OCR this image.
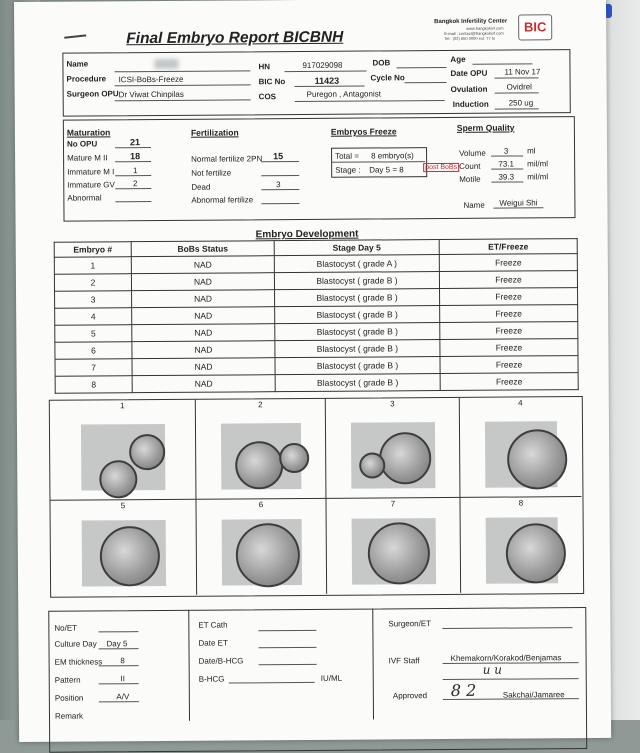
Final Embryo Report BICBNH
Bangkok Infertility Center
www.bangkokivf.com
E-mail : contact@bangkokivf.com
Tel : (02) 650 0000 ext. 77 to
BIC
Name	HN	917029098	DOB	Age
Procedure ICSI-BoBs-Freeze	BIC No	11423	Cycle No	Date OPU 11 Nov 17
Surgeon OPU Dr Viwat Chinpilas	COS	Puregon , Antagonist
Ovulation Ovidrel
Induction 250 ug
Maturation
No OPU	21
Mature M II	18
Immature M I	1
Immature GV	2
Abnormal
Fertilization
Normal fertilize 2PN	15
Not fertilize
Dead	3
Abnormal fertilize
Embryos Freeze
Total = 8 embryo(s)
Stage : Day 5 = 8	post BoBs
Sperm Quality
Volume	3	ml
Count	73.1	mil/ml
Motile	39.3	mil/ml
Name Weigui Shi
Embryo Development
Embryo #	BoBs Status	Stage Day 5	ET/Freeze
1	NAD	Blastocyst ( grade A )	Freeze
2	NAD	Blastocyst ( grade B )	Freeze
3	NAD	Blastocyst ( grade B )	Freeze
4	NAD	Blastocyst ( grade B )	Freeze
5	NAD	Blastocyst ( grade B )	Freeze
6	NAD	Blastocyst ( grade B )	Freeze
7	NAD	Blastocyst ( grade B )	Freeze
8	NAD	Blastocyst ( grade B )	Freeze
1	2	3	4
5	6	7	8
No/ET
Culture Day Day 5
EM thickness	8
Pattern	II
Position	A/V
Remark
ET Cath
Date ET
Date/B-HCG
B-HCG	IU/ML
Surgeon/ET
IVF Staff	Khemakorn/Korakod/Benjamas
u u
Approved 8 2	Sakchai/Jamaree
